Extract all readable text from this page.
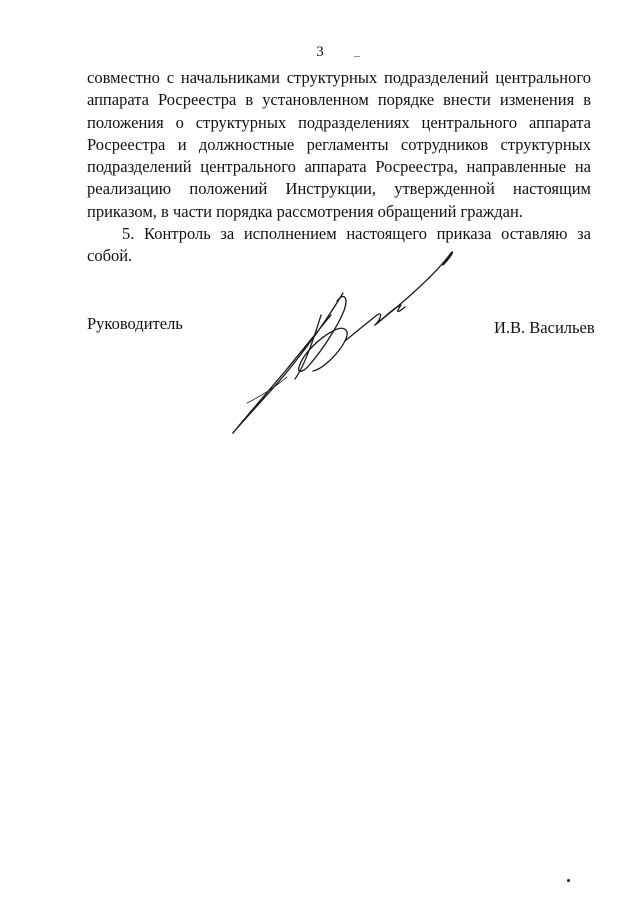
3

совместно с начальниками структурных подразделений центрального аппарата Росреестра в установленном порядке внести изменения в положения о структурных подразделениях центрального аппарата Росреестра и должностные регламенты сотрудников структурных подразделений центрального аппарата Росреестра, направленные на реализацию положений Инструкции, утвержденной настоящим приказом, в части порядка рассмотрения обращений граждан.

5. Контроль за исполнением настоящего приказа оставляю за собой.

Руководитель	И.В. Васильев
